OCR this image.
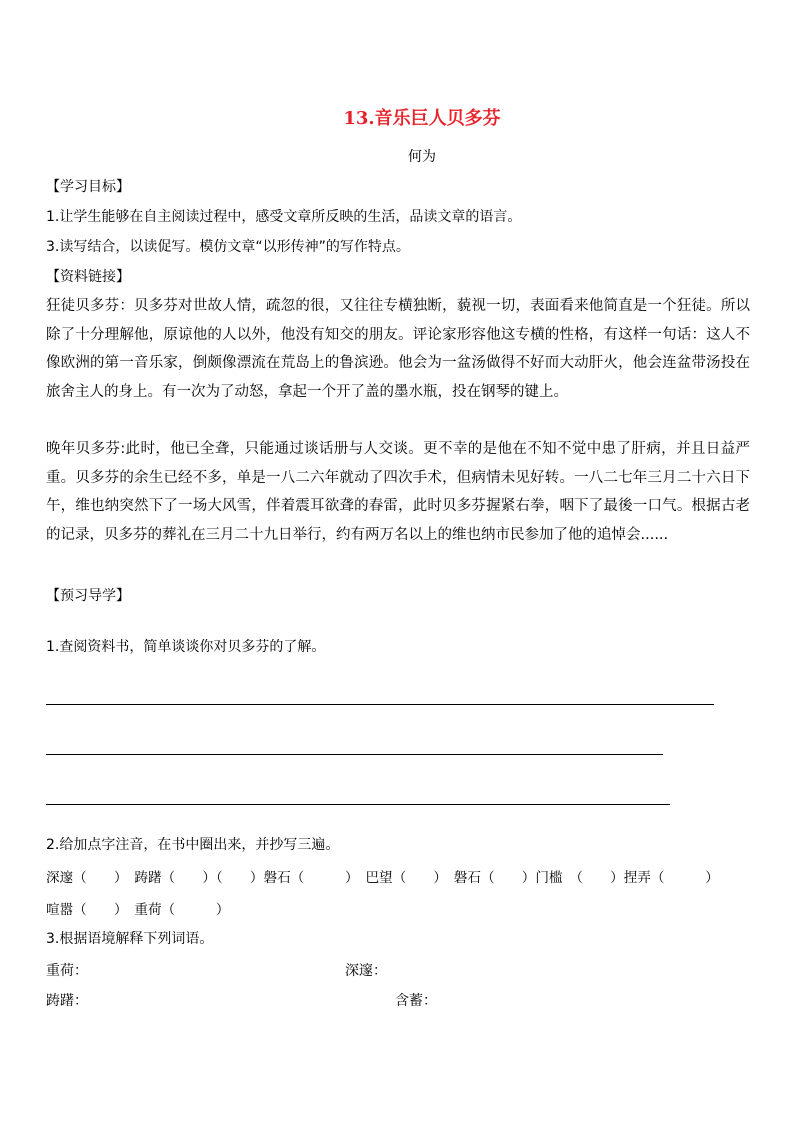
13.音乐巨人贝多芬
何为
【学习目标】
1.让学生能够在自主阅读过程中，感受文章所反映的生活，品读文章的语言。
3.读写结合，以读促写。模仿文章“以形传神”的写作特点。
【资料链接】
狂徒贝多芬：贝多芬对世故人情，疏忽的很，又往往专横独断，藐视一切，表面看来他简直是一个狂徒。所以除了十分理解他，原谅他的人以外，他没有知交的朋友。评论家形容他这专横的性格，有这样一句话：这人不像欧洲的第一音乐家，倒颇像漂流在荒岛上的鲁滨逊。他会为一盆汤做得不好而大动肝火，他会连盆带汤投在旅舍主人的身上。有一次为了动怒，拿起一个开了盖的墨水瓶，投在钢琴的键上。
晚年贝多芬:此时，他已全聋，只能通过谈话册与人交谈。更不幸的是他在不知不觉中患了肝病，并且日益严重。贝多芬的余生已经不多，单是一八二六年就动了四次手术，但病情未见好转。一八二七年三月二十六日下午，维也纳突然下了一场大风雪，伴着震耳欲聋的春雷，此时贝多芬握紧右拳，咽下了最後一口气。根据古老的记录，贝多芬的葬礼在三月二十九日举行，约有两万名以上的维也纳市民参加了他的追悼会......
【预习导学】
1.查阅资料书，简单谈谈你对贝多芬的了解。
2.给加点字注音，在书中圈出来，并抄写三遍。
深邃（　　）　踌躇（　　）（　　）磐石（　　　）　巴望（　　）　磐石（　　）门槛　（　　）捏弄（　　　）
喧嚣（　　）　重荷（　　　）
3.根据语境解释下列词语。
重荷：	深邃：
踌躇：	含蓄：
